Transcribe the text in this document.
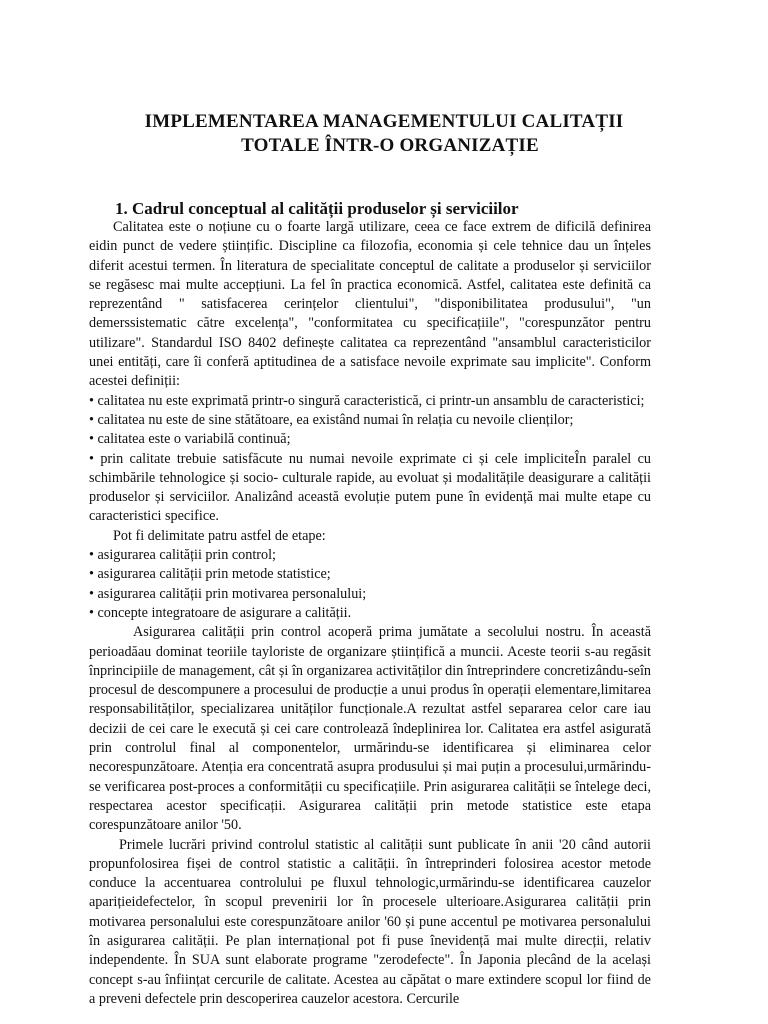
IMPLEMENTAREA MANAGEMENTULUI CALITAȚII
TOTALE ÎNTR-O ORGANIZAȚIE
1. Cadrul conceptual al calității produselor și serviciilor

Calitatea este o noțiune cu o foarte largă utilizare, ceea ce face extrem de dificilă definirea eidin punct de vedere științific. Discipline ca filozofia, economia și cele tehnice dau un înțeles diferit acestui termen. În literatura de specialitate conceptul de calitate a produselor și serviciilor se regăsesc mai multe accepțiuni. La fel în practica economică. Astfel, calitatea este definită ca reprezentând " satisfacerea cerințelor clientului", "disponibilitatea produsului", "un demerssistematic către excelența", "conformitatea cu specificațiile", "corespunzător pentru utilizare". Standardul ISO 8402 definește calitatea ca reprezentând "ansamblul caracteristicilor unei entități, care îi conferă aptitudinea de a satisface nevoile exprimate sau implicite". Conform acestei definiții:

• calitatea nu este exprimată printr-o singură caracteristică, ci printr-un ansamblu de caracteristici;

• calitatea nu este de sine stătătoare, ea existând numai în relația cu nevoile clienților;

• calitatea este o variabilă continuă;

• prin calitate trebuie satisfăcute nu numai nevoile exprimate ci și cele impliciteÎn paralel cu schimbările tehnologice și socio- culturale rapide, au evoluat și modalitățile deasigurare a calității produselor și serviciilor. Analizând această evoluție putem pune în evidență mai multe etape cu caracteristici specifice.

Pot fi delimitate patru astfel de etape:

• asigurarea calității prin control;

• asigurarea calității prin metode statistice;

• asigurarea calității prin motivarea personalului;

• concepte integratoare de asigurare a calității.

Asigurarea calității prin control acoperă prima jumătate a secolului nostru. În această perioadăau dominat teoriile tayloriste de organizare științifică a muncii. Aceste teorii s-au regăsit înprincipiile de management, cât și în organizarea activităților din întreprindere concretizându-seîn procesul de descompunere a procesului de producție a unui produs în operații elementare,limitarea responsabilităților, specializarea unităților funcționale.A rezultat astfel separarea celor care iau decizii de cei care le execută și cei care controlează îndeplinirea lor. Calitatea era astfel asigurată prin controlul final al componentelor, urmărindu-se identificarea și eliminarea celor necorespunzătoare. Atenția era concentrată asupra produsului și mai puțin a procesului,urmărindu-se verificarea post-proces a conformității cu specificațiile. Prin asigurarea calității se întelege deci, respectarea acestor specificații. Asigurarea calității prin metode statistice este etapa corespunzătoare anilor '50.

Primele lucrări privind controlul statistic al calității sunt publicate în anii '20 când autorii propunfolosirea fișei de control statistic a calității. în întreprinderi folosirea acestor metode conduce la accentuarea controlului pe fluxul tehnologic,urmărindu-se identificarea cauzelor aparițieidefectelor, în scopul prevenirii lor în procesele ulterioare.Asigurarea calității prin motivarea personalului este corespunzătoare anilor '60 și pune accentul pe motivarea personalului în asigurarea calității. Pe plan internațional pot fi puse înevidență mai multe direcții, relativ independente. În SUA sunt elaborate programe "zerodefecte". În Japonia plecând de la același concept s-au înființat cercurile de calitate. Acestea au căpătat o mare extindere scopul lor fiind de a preveni defectele prin descoperirea cauzelor acestora. Cercurile
